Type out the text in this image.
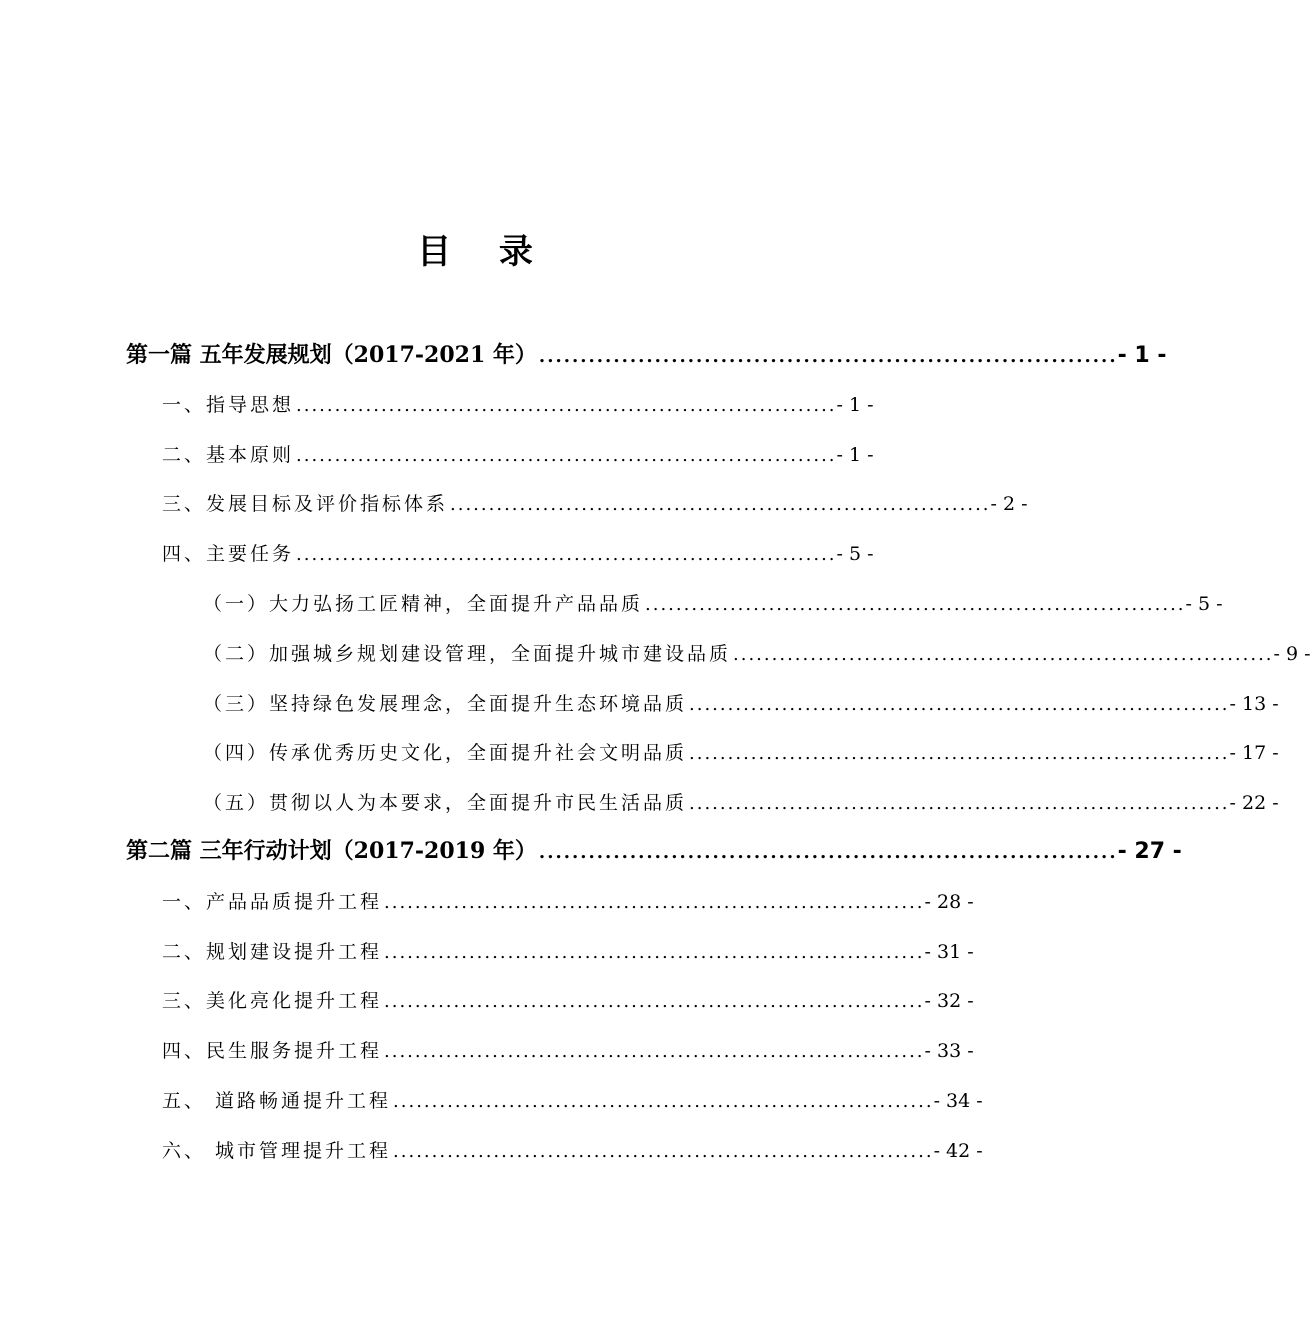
目 录
第一篇 五年发展规划（2017-2021 年） ...................................................................... - 1 -
一、指导思想 ...................................................................... - 1 -
二、基本原则 ...................................................................... - 1 -
三、发展目标及评价指标体系 ...................................................................... - 2 -
四、主要任务 ...................................................................... - 5 -
（一）大力弘扬工匠精神，全面提升产品品质 ...................................................................... - 5 -
（二）加强城乡规划建设管理，全面提升城市建设品质 ...................................................................... - 9 -
（三）坚持绿色发展理念，全面提升生态环境品质 ...................................................................... - 13 -
（四）传承优秀历史文化，全面提升社会文明品质 ...................................................................... - 17 -
（五）贯彻以人为本要求，全面提升市民生活品质 ...................................................................... - 22 -
第二篇 三年行动计划（2017-2019 年） ...................................................................... - 27 -
一、产品品质提升工程 ...................................................................... - 28 -
二、规划建设提升工程 ...................................................................... - 31 -
三、美化亮化提升工程 ...................................................................... - 32 -
四、民生服务提升工程 ...................................................................... - 33 -
五、 道路畅通提升工程 ...................................................................... - 34 -
六、 城市管理提升工程 ...................................................................... - 42 -
